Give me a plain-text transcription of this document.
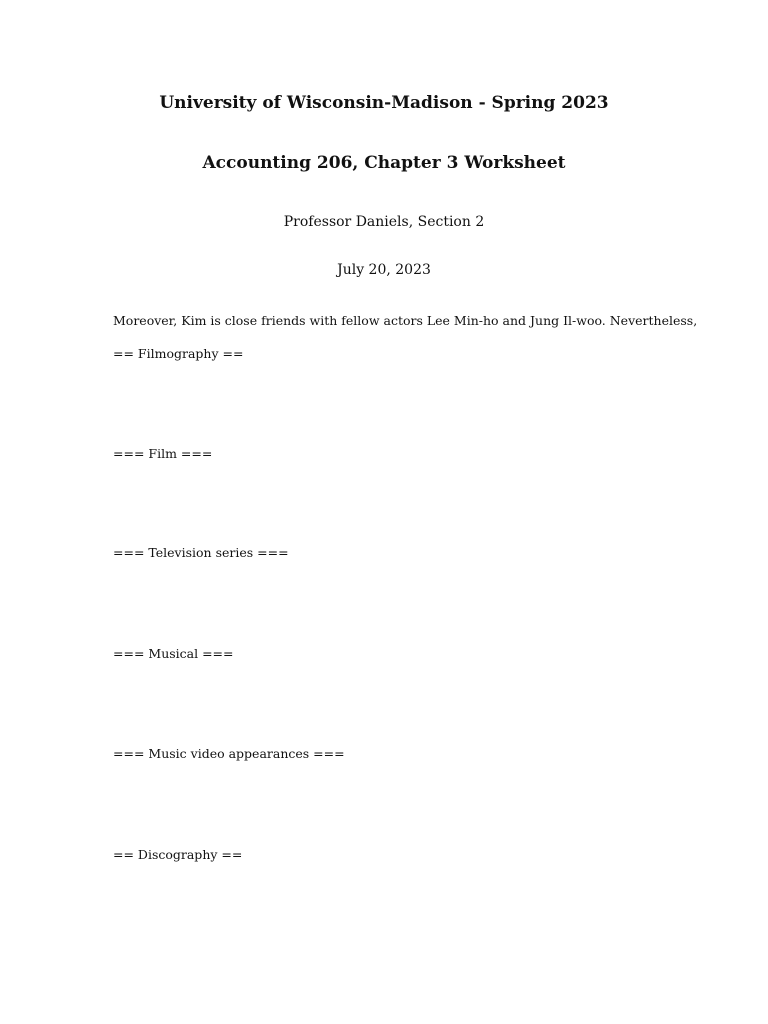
University of Wisconsin-Madison - Spring 2023
Accounting 206, Chapter 3 Worksheet
Professor Daniels, Section 2
July 20, 2023
Moreover, Kim is close friends with fellow actors Lee Min-ho and Jung Il-woo. Nevertheless,
== Filmography ==
=== Film ===
=== Television series ===
=== Musical ===
=== Music video appearances ===
== Discography ==
